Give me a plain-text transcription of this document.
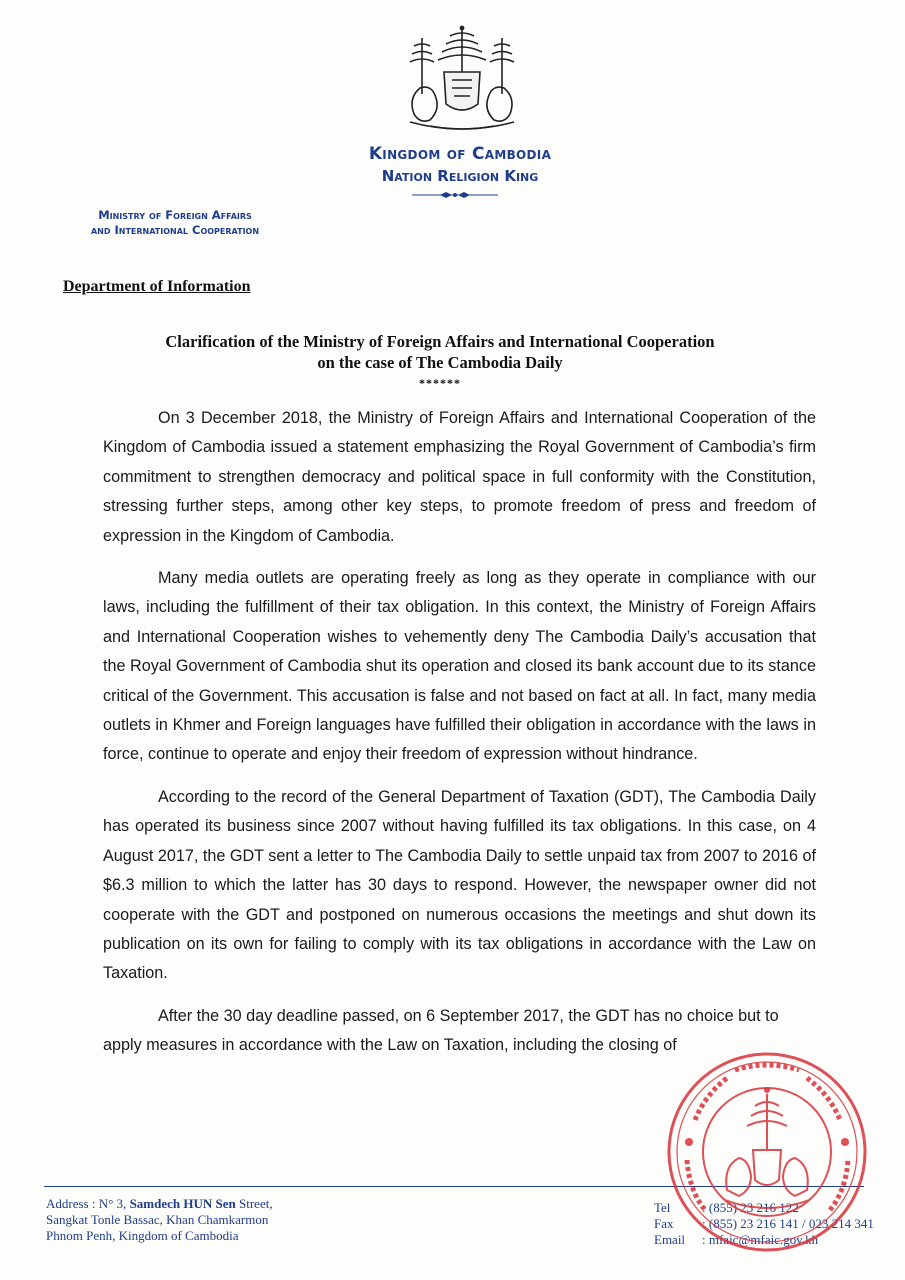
Kingdom of Cambodia
Nation Religion King
Ministry of Foreign Affairs
and International Cooperation
Department of Information
Clarification of the Ministry of Foreign Affairs and International Cooperation
on the case of The Cambodia Daily
******

On 3 December 2018, the Ministry of Foreign Affairs and International Cooperation of the Kingdom of Cambodia issued a statement emphasizing the Royal Government of Cambodia’s firm commitment to strengthen democracy and political space in full conformity with the Constitution, stressing further steps, among other key steps, to promote freedom of press and freedom of expression in the Kingdom of Cambodia.

Many media outlets are operating freely as long as they operate in compliance with our laws, including the fulfillment of their tax obligation. In this context, the Ministry of Foreign Affairs and International Cooperation wishes to vehemently deny The Cambodia Daily’s accusation that the Royal Government of Cambodia shut its operation and closed its bank account due to its stance critical of the Government. This accusation is false and not based on fact at all. In fact, many media outlets in Khmer and Foreign languages have fulfilled their obligation in accordance with the laws in force, continue to operate and enjoy their freedom of expression without hindrance.

According to the record of the General Department of Taxation (GDT), The Cambodia Daily has operated its business since 2007 without having fulfilled its tax obligations. In this case, on 4 August 2017, the GDT sent a letter to The Cambodia Daily to settle unpaid tax from 2007 to 2016 of $6.3 million to which the latter has 30 days to respond. However, the newspaper owner did not cooperate with the GDT and postponed on numerous occasions the meetings and shut down its publication on its own for failing to comply with its tax obligations in accordance with the Law on Taxation.

After the 30 day deadline passed, on 6 September 2017, the GDT has no choice but to apply measures in accordance with the Law on Taxation, including the closing of

Address : N° 3, Samdech HUN Sen Street,
Sangkat Tonle Bassac, Khan Chamkarmon
Phnom Penh, Kingdom of Cambodia
Tel : (855) 23 216 122
Fax : (855) 23 216 141 / 023 214 341
Email : mfaic@mfaic.gov.kh
